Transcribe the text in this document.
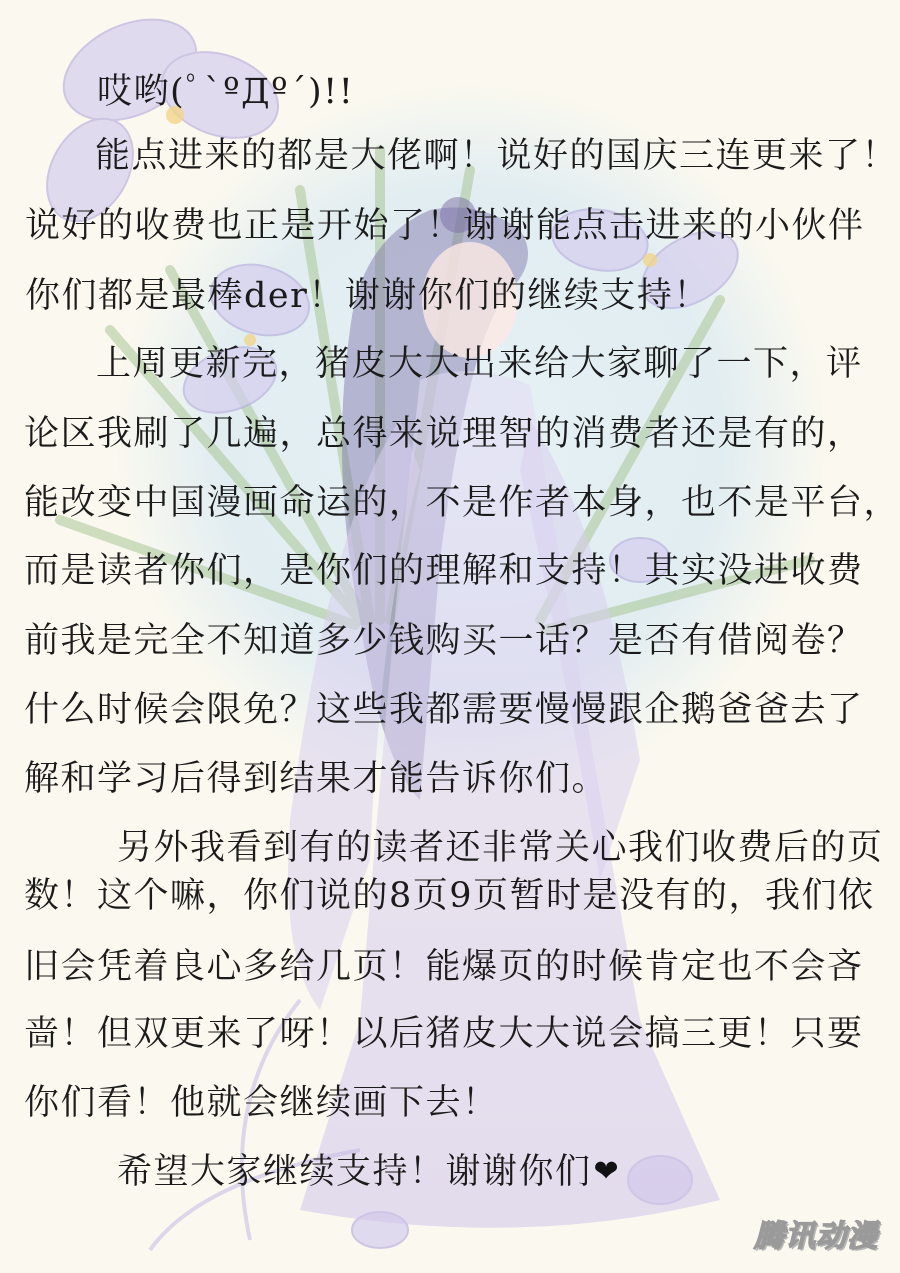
哎哟(ﾟ`ºДº´)!!
能点进来的都是大佬啊！说好的国庆三连更来了！
说好的收费也正是开始了！谢谢能点击进来的小伙伴
你们都是最棒der！谢谢你们的继续支持！
上周更新完，猪皮大大出来给大家聊了一下，评
论区我刷了几遍，总得来说理智的消费者还是有的，
能改变中国漫画命运的，不是作者本身，也不是平台，
而是读者你们，是你们的理解和支持！其实没进收费
前我是完全不知道多少钱购买一话？是否有借阅卷？
什么时候会限免？这些我都需要慢慢跟企鹅爸爸去了
解和学习后得到结果才能告诉你们。
另外我看到有的读者还非常关心我们收费后的页
数！这个嘛，你们说的8页9页暂时是没有的，我们依
旧会凭着良心多给几页！能爆页的时候肯定也不会吝
啬！但双更来了呀！以后猪皮大大说会搞三更！只要
你们看！他就会继续画下去！
希望大家继续支持！谢谢你们❤
腾讯动漫
